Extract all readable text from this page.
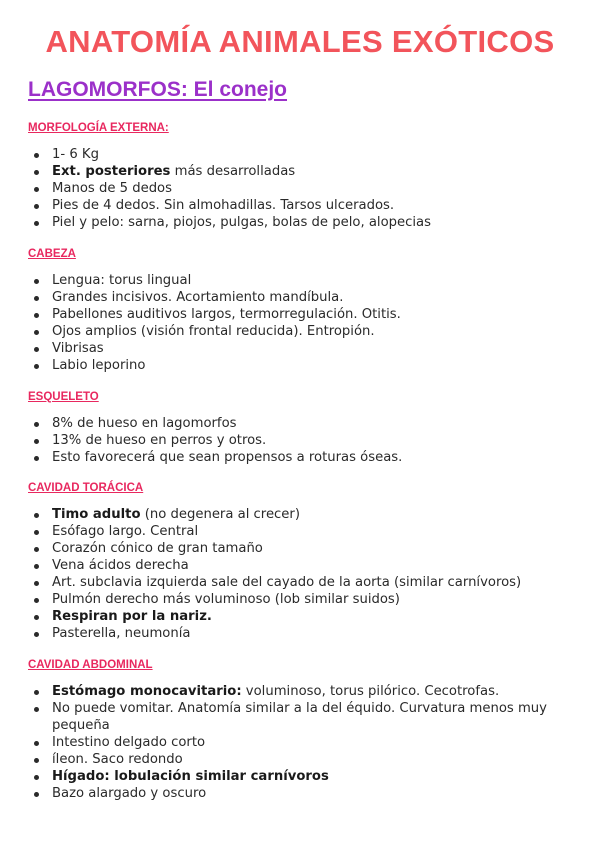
ANATOMÍA ANIMALES EXÓTICOS
LAGOMORFOS: El conejo
MORFOLOGÍA EXTERNA:
1- 6 Kg
Ext. posteriores más desarrolladas
Manos de 5 dedos
Pies de 4 dedos. Sin almohadillas. Tarsos ulcerados.
Piel y pelo: sarna, piojos, pulgas, bolas de pelo, alopecias
CABEZA
Lengua: torus lingual
Grandes incisivos. Acortamiento mandíbula.
Pabellones auditivos largos, termorregulación. Otitis.
Ojos amplios (visión frontal reducida). Entropión.
Vibrisas
Labio leporino
ESQUELETO
8% de hueso en lagomorfos
13% de hueso en perros y otros.
Esto favorecerá que sean propensos a roturas óseas.
CAVIDAD TORÁCICA
Timo adulto (no degenera al crecer)
Esófago largo. Central
Corazón cónico de gran tamaño
Vena ácidos derecha
Art. subclavia izquierda sale del cayado de la aorta (similar carnívoros)
Pulmón derecho más voluminoso (lob similar suidos)
Respiran por la nariz.
Pasterella, neumonía
CAVIDAD ABDOMINAL
Estómago monocavitario: voluminoso, torus pilórico. Cecotrofas.
No puede vomitar. Anatomía similar a la del équido. Curvatura menos muy pequeña
Intestino delgado corto
íleon. Saco redondo
Hígado: lobulación similar carnívoros
Bazo alargado y oscuro
